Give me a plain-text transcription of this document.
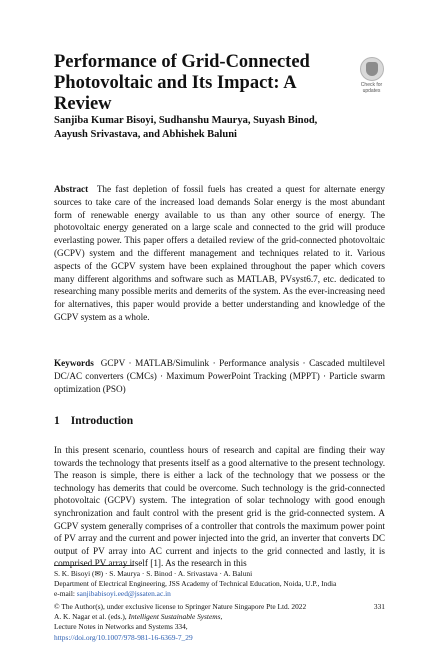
Performance of Grid-Connected Photovoltaic and Its Impact: A Review
Check for
updates
Sanjiba Kumar Bisoyi, Sudhanshu Maurya, Suyash Binod,
Aayush Srivastava, and Abhishek Baluni

Abstract The fast depletion of fossil fuels has created a quest for alternate energy sources to take care of the increased load demands Solar energy is the most abundant form of renewable energy available to us than any other source of energy. The photovoltaic energy generated on a large scale and connected to the grid will produce everlasting power. This paper offers a detailed review of the grid-connected photovoltaic (GCPV) system and the different management and techniques related to it. Various aspects of the GCPV system have been explained throughout the paper which covers many different algorithms and software such as MATLAB, PVsyst6.7, etc. dedicated to researching many possible merits and demerits of the system. As the ever-increasing need for alternatives, this paper would provide a better understanding and knowledge of the GCPV system as a whole.

Keywords GCPV · MATLAB/Simulink · Performance analysis · Cascaded multilevel DC/AC converters (CMCs) · Maximum PowerPoint Tracking (MPPT) · Particle swarm optimization (PSO)

1 Introduction

In this present scenario, countless hours of research and capital are finding their way towards the technology that presents itself as a good alternative to the present technology. The reason is simple, there is either a lack of the technology that we possess or the technology has demerits that could be overcome. Such technology is the grid-connected photovoltaic (GCPV) system. The integration of solar technology with good enough synchronization and fault control with the present grid is the grid-connected system. A GCPV system generally comprises of a controller that controls the maximum power point of PV array and the current and power injected into the grid, an inverter that converts DC output of PV array into AC current and injects to the grid connected and lastly, it is comprised PV array itself [1]. As the research in this

S. K. Bisoyi (✉) · S. Maurya · S. Binod · A. Srivastava · A. Baluni
Department of Electrical Engineering, JSS Academy of Technical Education, Noida, U.P., India
e-mail: sanjibabisoyi.eed@jssaten.ac.in
331
© The Author(s), under exclusive license to Springer Nature Singapore Pte Ltd. 2022
A. K. Nagar et al. (eds.), Intelligent Sustainable Systems,
Lecture Notes in Networks and Systems 334,
https://doi.org/10.1007/978-981-16-6369-7_29
